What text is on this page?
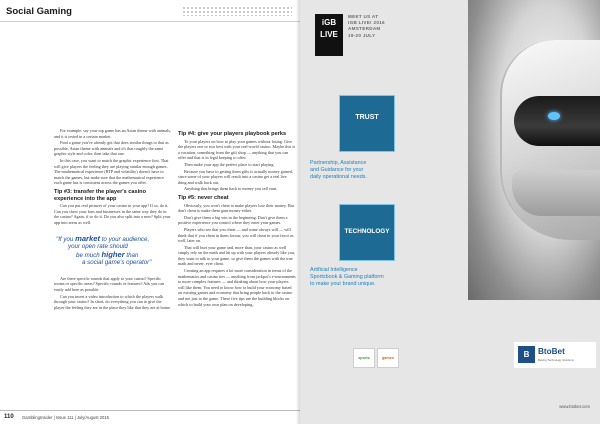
Social Gaming

For example, say your top game has an Asian theme with animals, and it is tested in a certain market.

Find a game you've already got that does similar things to that as possible. Asian theme with animals and it's that roughly the same graphic style and color, then take that one.

In this case, you want to match the graphic experience first. That will give players the feeling they are playing similar enough games. The mathematical experience (RTP and volatility) doesn't have to match the games, but make sure that the mathematical experience each game has is consistent across the games you offer.

Tip #3: transfer the player's casino experience into the app

Can you put real pictures of your casino in your app? If so, do it. Can you show your bars and businesses in the same way they do in the casino? Again, if so do it. Do you also split into a new? Split your app into areas as well.

"If you market to your audience,
your open rate should
be much higher than
a social game's operator"

Are there specific rounds that apply to your casino? Specific rooms or specific areas? Specific rounds or features? Ads you can easily add here as possible.

Can you insert a video introduction to which the players walk through your casino? In short, do everything you can to give the player the feeling they are in the place they like that they are at home.

Tip #4: give your players playbook perks

To your players on how to play your games without losing. Give the players one or two best with your real-world casino. Maybe this is a vacation, something from the gift shop — anything that you can offer and that is in legal keeping to offer.

Then make your app the perfect place to start playing.

Because you have to getting them gifts is actually money gained, since some of your players will result into a casino get a real live thing and walk back out.

Anything that brings them back to money you sell earn.

Tip #5: never cheat

Obviously, you won't cheat to make players lose their money. But don't cheat to make them gain money either.

Don't give them a big win in the beginning. Don't give them a positive experience you control where they enter your games.

Players who see that you cheat — and some always will — will think that if you cheat in them favour, you will cheat in your favor as well, later on.

That will hurt your game and, more than, your casino as well simply rely on the math and hit up with your players already like you, they want to talk to your game, so give them the games with the true math and never, ever cheat.

Creating an app requires a lot more consideration in terms of the mathematics and casino ties — anything from jackpot's e-tournaments to more complex features — and thinking about how your players will like them. You need to know how to build your economy based on existing games and economy that bring people back to the casino and not just to the game. These five tips are the building blocks on which to build your own plan on developing.

110 GamblingInsider | Issue 111 | July/August 2015
iGB
LIVE
MEET US AT
IGB LIVE! 2016
AMSTERDAM
19-20 JULY
TRUST
Partnership, Assistance
and Guidance for your
daily operational needs.
TECHNOLOGY
Artificial Intelligence
Sportsbook & Gaming platform
to make your brand unique.
sports	games	B	BtoBet
Betting Technology Solutions
www.btobet.com
